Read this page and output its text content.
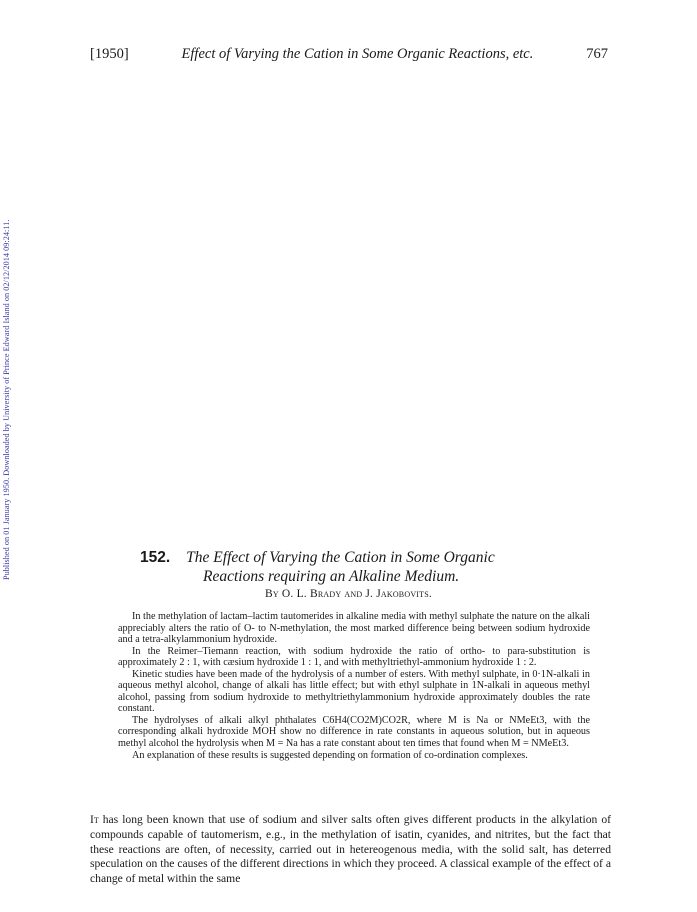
Published on 01 January 1950. Downloaded by University of Prince Edward Island on 02/12/2014 09:24:11.
[1950]	Effect of Varying the Cation in Some Organic Reactions, etc.	767
152. The Effect of Varying the Cation in Some Organic
Reactions requiring an Alkaline Medium.
By O. L. Brady and J. Jakobovits.

In the methylation of lactam–lactim tautomerides in alkaline media with methyl sulphate the nature on the alkali appreciably alters the ratio of O- to N-methylation, the most marked difference being between sodium hydroxide and a tetra-alkylammonium hydroxide.

In the Reimer–Tiemann reaction, with sodium hydroxide the ratio of ortho- to para-substitution is approximately 2 : 1, with cæsium hydroxide 1 : 1, and with methyltriethyl-ammonium hydroxide 1 : 2.

Kinetic studies have been made of the hydrolysis of a number of esters. With methyl sulphate, in 0·1N-alkali in aqueous methyl alcohol, change of alkali has little effect; but with ethyl sulphate in 1N-alkali in aqueous methyl alcohol, passing from sodium hydroxide to methyltriethylammonium hydroxide approximately doubles the rate constant.

The hydrolyses of alkali alkyl phthalates C6H4(CO2M)CO2R, where M is Na or NMeEt3, with the corresponding alkali hydroxide MOH show no difference in rate constants in aqueous solution, but in aqueous methyl alcohol the hydrolysis when M = Na has a rate constant about ten times that found when M = NMeEt3.

An explanation of these results is suggested depending on formation of co-ordination complexes.

It has long been known that use of sodium and silver salts often gives different products in the alkylation of compounds capable of tautomerism, e.g., in the methylation of isatin, cyanides, and nitrites, but the fact that these reactions are often, of necessity, carried out in hetereogenous media, with the solid salt, has deterred speculation on the causes of the different directions in which they proceed. A classical example of the effect of a change of metal within the same
